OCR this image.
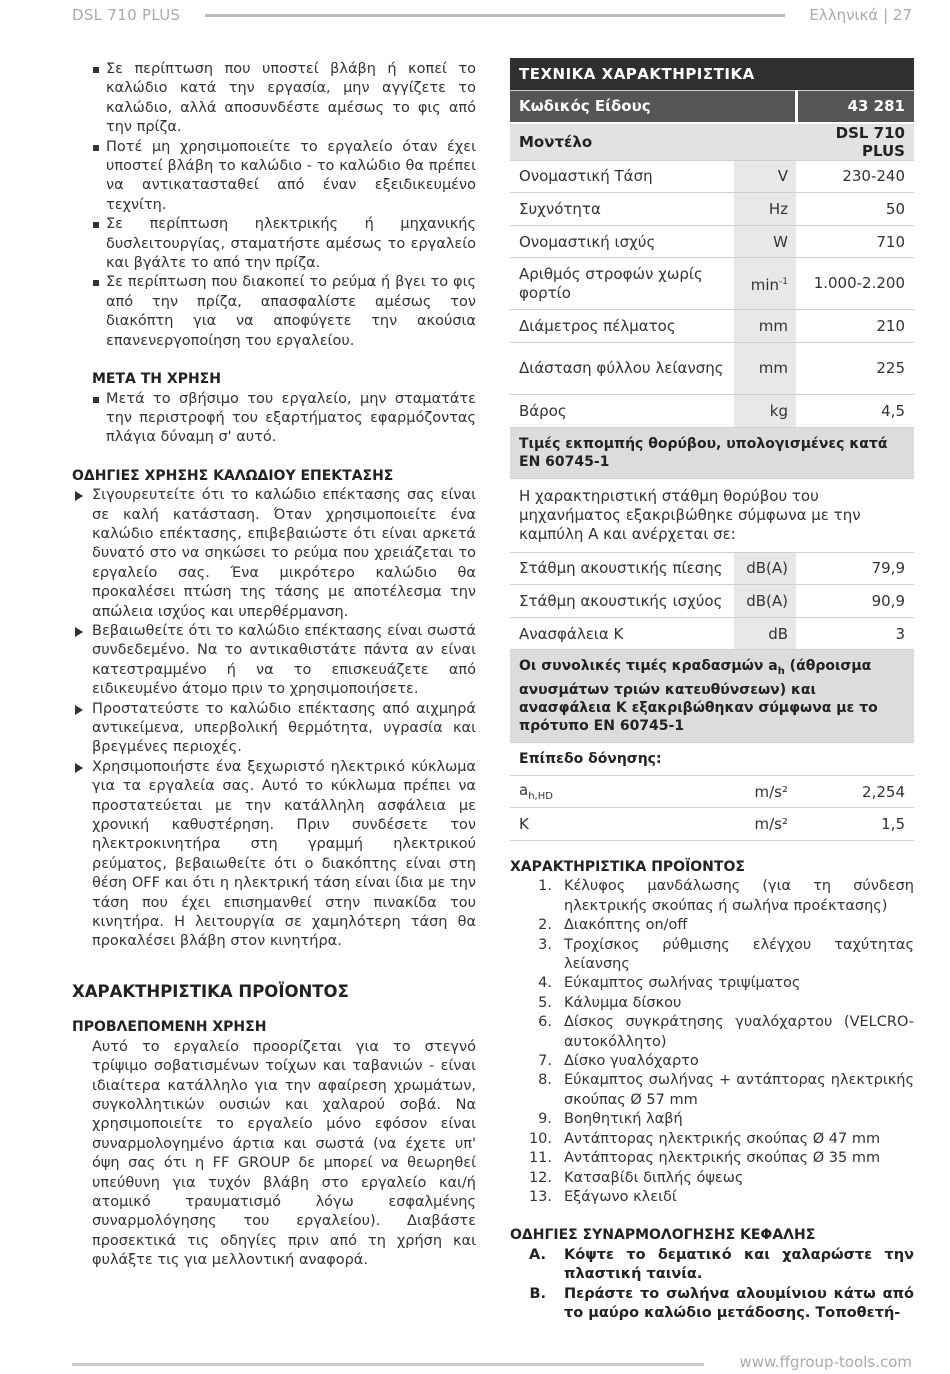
DSL 710 PLUS	Ελληνικά | 27
Σε περίπτωση που υποστεί βλάβη ή κοπεί το καλώδιο κατά την εργασία, μην αγγίζετε το καλώδιο, αλλά αποσυνδέστε αμέσως το φις από την πρίζα.
Ποτέ μη χρησιμοποιείτε το εργαλείο όταν έχει υποστεί βλάβη το καλώδιο - το καλώδιο θα πρέπει να αντικατασταθεί από έναν εξειδικευμένο τεχνίτη.
Σε περίπτωση ηλεκτρικής ή μηχανικής δυσλειτουργίας, σταματήστε αμέσως το εργαλείο και βγάλτε το από την πρίζα.
Σε περίπτωση που διακοπεί το ρεύμα ή βγει το φις από την πρίζα, απασφαλίστε αμέσως τον διακόπτη για να αποφύγετε την ακούσια επανενεργοποίηση του εργαλείου.
ΜΕΤΑ ΤΗ ΧΡΗΣΗ
Μετά το σβήσιμο του εργαλείο, μην σταματάτε την περιστροφή του εξαρτήματος εφαρμόζοντας πλάγια δύναμη σ' αυτό.
ΟΔΗΓΙΕΣ ΧΡΗΣΗΣ ΚΑΛΩΔΙΟΥ ΕΠΕΚΤΑΣΗΣ
Σιγουρευτείτε ότι το καλώδιο επέκτασης σας είναι σε καλή κατάσταση. Όταν χρησιμοποιείτε ένα καλώδιο επέκτασης, επιβεβαιώστε ότι είναι αρκετά δυνατό στο να σηκώσει το ρεύμα που χρειάζεται το εργαλείο σας. Ένα μικρότερο καλώδιο θα προκαλέσει πτώση της τάσης με αποτέλεσμα την απώλεια ισχύος και υπερθέρμανση.
Βεβαιωθείτε ότι το καλώδιο επέκτασης είναι σωστά συνδεδεμένο. Να το αντικαθιστάτε πάντα αν είναι κατεστραμμένο ή να το επισκευάζετε από ειδικευμένο άτομο πριν το χρησιμοποιήσετε.
Προστατεύστε το καλώδιο επέκτασης από αιχμηρά αντικείμενα, υπερβολική θερμότητα, υγρασία και βρεγμένες περιοχές.
Χρησιμοποιήστε ένα ξεχωριστό ηλεκτρικό κύκλωμα για τα εργαλεία σας. Αυτό το κύκλωμα πρέπει να προστατεύεται με την κατάλληλη ασφάλεια με χρονική καθυστέρηση. Πριν συνδέσετε τον ηλεκτροκινητήρα στη γραμμή ηλεκτρικού ρεύματος, βεβαιωθείτε ότι ο διακόπτης είναι στη θέση OFF και ότι η ηλεκτρική τάση είναι ίδια με την τάση που έχει επισημανθεί στην πινακίδα του κινητήρα. Η λειτουργία σε χαμηλότερη τάση θα προκαλέσει βλάβη στον κινητήρα.
ΧΑΡΑΚΤΗΡΙΣΤΙΚΑ ΠΡΟΪΟΝΤΟΣ
ΠΡΟΒΛΕΠΟΜΕΝΗ ΧΡΗΣΗ

Αυτό το εργαλείο προορίζεται για το στεγνό τρίψιμο σοβατισμένων τοίχων και ταβανιών - είναι ιδιαίτερα κατάλληλο για την αφαίρεση χρωμάτων, συγκολλητικών ουσιών και χαλαρού σοβά. Να χρησιμοποιείτε το εργαλείο μόνο εφόσον είναι συναρμολογημένο άρτια και σωστά (να έχετε υπ' όψη σας ότι η FF GROUP δε μπορεί να θεωρηθεί υπεύθυνη για τυχόν βλάβη στο εργαλείο και/ή ατομικό τραυματισμό λόγω εσφαλμένης συναρμολόγησης του εργαλείου). Διαβάστε προσεκτικά τις οδηγίες πριν από τη χρήση και φυλάξτε τις για μελλοντική αναφορά.

ΤΕΧΝΙΚΑ ΧΑΡΑΚΤΗΡΙΣΤΙΚΑ		
Κωδικός Είδους		43 281
Μοντέλο		DSL 710 PLUS
Ονομαστική Τάση	V	230-240
Συχνότητα	Hz	50
Ονομαστική ισχύς	W	710
Αριθμός στροφών χωρίς φορτίο	$\min^{-1}$	1.000-2.200
Διάμετρος πέλματος	mm	210
Διάσταση φύλλου λείανσης	mm	225
Βάρος	kg	4,5
Τιμές εκπομπής θορύβου, υπολογισμένες κατά EN 60745-1		
Η χαρακτηριστική στάθμη θορύβου του μηχανήματος εξακριβώθηκε σύμφωνα με την καμπύλη Α και ανέρχεται σε:		
Στάθμη ακουστικής πίεσης	dB(A)	79,9
Στάθμη ακουστικής ισχύος	dB(A)	90,9
Ανασφάλεια K	dB	3
Οι συνολικές τιμές κραδασμών $a_h$ (άθροισμα ανυσμάτων τριών κατευθύνσεων) και ανασφάλεια K εξακριβώθηκαν σύμφωνα με το πρότυπο EN 60745-1		
Επίπεδο δόνησης:		
$a_{h,HD}$	m/s²	2,254
K	m/s²	1,5
ΧΑΡΑΚΤΗΡΙΣΤΙΚΑ ΠΡΟΪΟΝΤΟΣ
1. Κέλυφος μανδάλωσης (για τη σύνδεση ηλεκτρικής σκούπας ή σωλήνα προέκτασης)
2. Διακόπτης on/off
3. Τροχίσκος ρύθμισης ελέγχου ταχύτητας λείανσης
4. Εύκαμπτος σωλήνας τριψίματος
5. Κάλυμμα δίσκου
6. Δίσκος συγκράτησης γυαλόχαρτου (VELCRO-αυτοκόλλητο)
7. Δίσκο γυαλόχαρτο
8. Εύκαμπτος σωλήνας + αντάπτορας ηλεκτρικής σκούπας Ø 57 mm
9. Βοηθητική λαβή
10. Αντάπτορας ηλεκτρικής σκούπας Ø 47 mm
11. Αντάπτορας ηλεκτρικής σκούπας Ø 35 mm
12. Κατσαβίδι διπλής όψεως
13. Εξάγωνο κλειδί
ΟΔΗΓΙΕΣ ΣΥΝΑΡΜΟΛΟΓΗΣΗΣ ΚΕΦΑΛΗΣ
A. Κόψτε το δεματικό και χαλαρώστε την πλαστική ταινία.
B. Περάστε το σωλήνα αλουμίνιου κάτω από το μαύρο καλώδιο μετάδοσης. Τοποθετή-
www.ffgroup-tools.com
